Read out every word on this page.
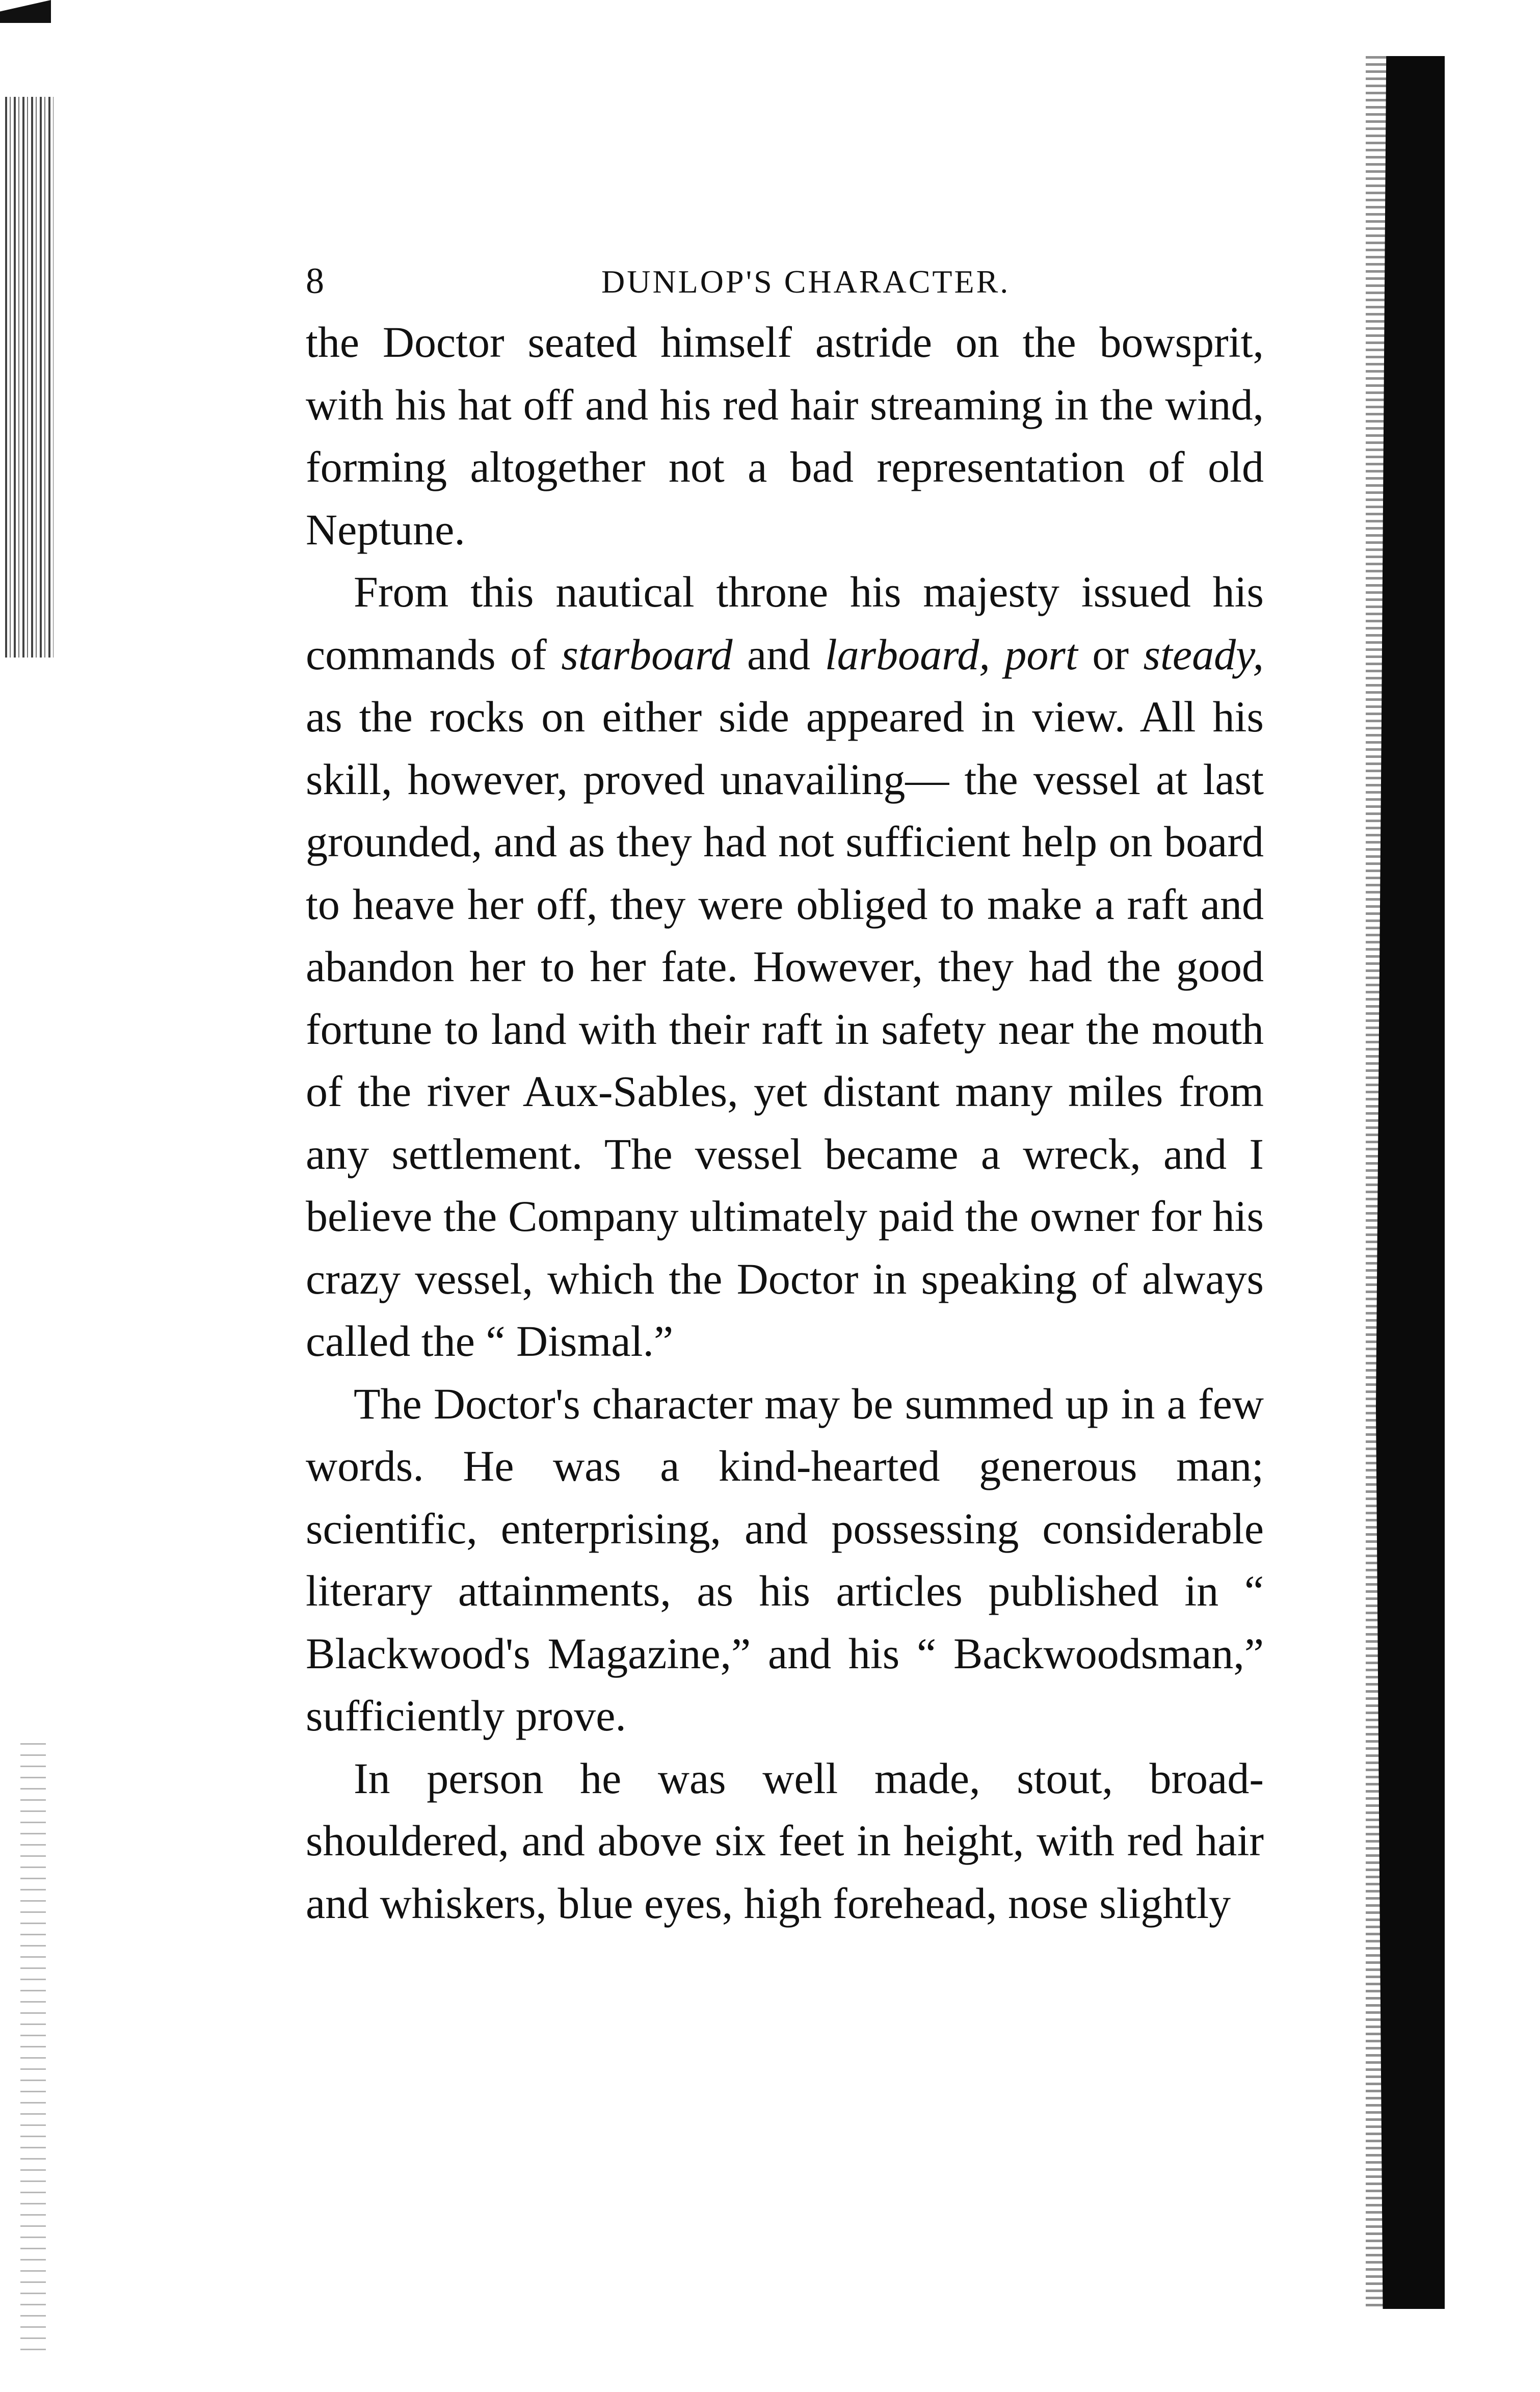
8	DUNLOP'S CHARACTER.

the Doctor seated himself astride on the bowsprit, with his hat off and his red hair streaming in the wind, forming altogether not a bad representation of old Neptune.

From this nautical throne his majesty issued his commands of starboard and larboard, port or steady, as the rocks on either side appeared in view. All his skill, however, proved unavailing— the vessel at last grounded, and as they had not sufficient help on board to heave her off, they were obliged to make a raft and abandon her to her fate. However, they had the good fortune to land with their raft in safety near the mouth of the river Aux-Sables, yet distant many miles from any settlement. The vessel became a wreck, and I believe the Company ultimately paid the owner for his crazy vessel, which the Doctor in speaking of always called the “ Dismal.”

The Doctor's character may be summed up in a few words. He was a kind-hearted generous man; scientific, enterprising, and possessing considerable literary attainments, as his articles published in “ Blackwood's Magazine,” and his “ Backwoodsman,” sufficiently prove.

In person he was well made, stout, broad-shouldered, and above six feet in height, with red hair and whiskers, blue eyes, high forehead, nose slightly
